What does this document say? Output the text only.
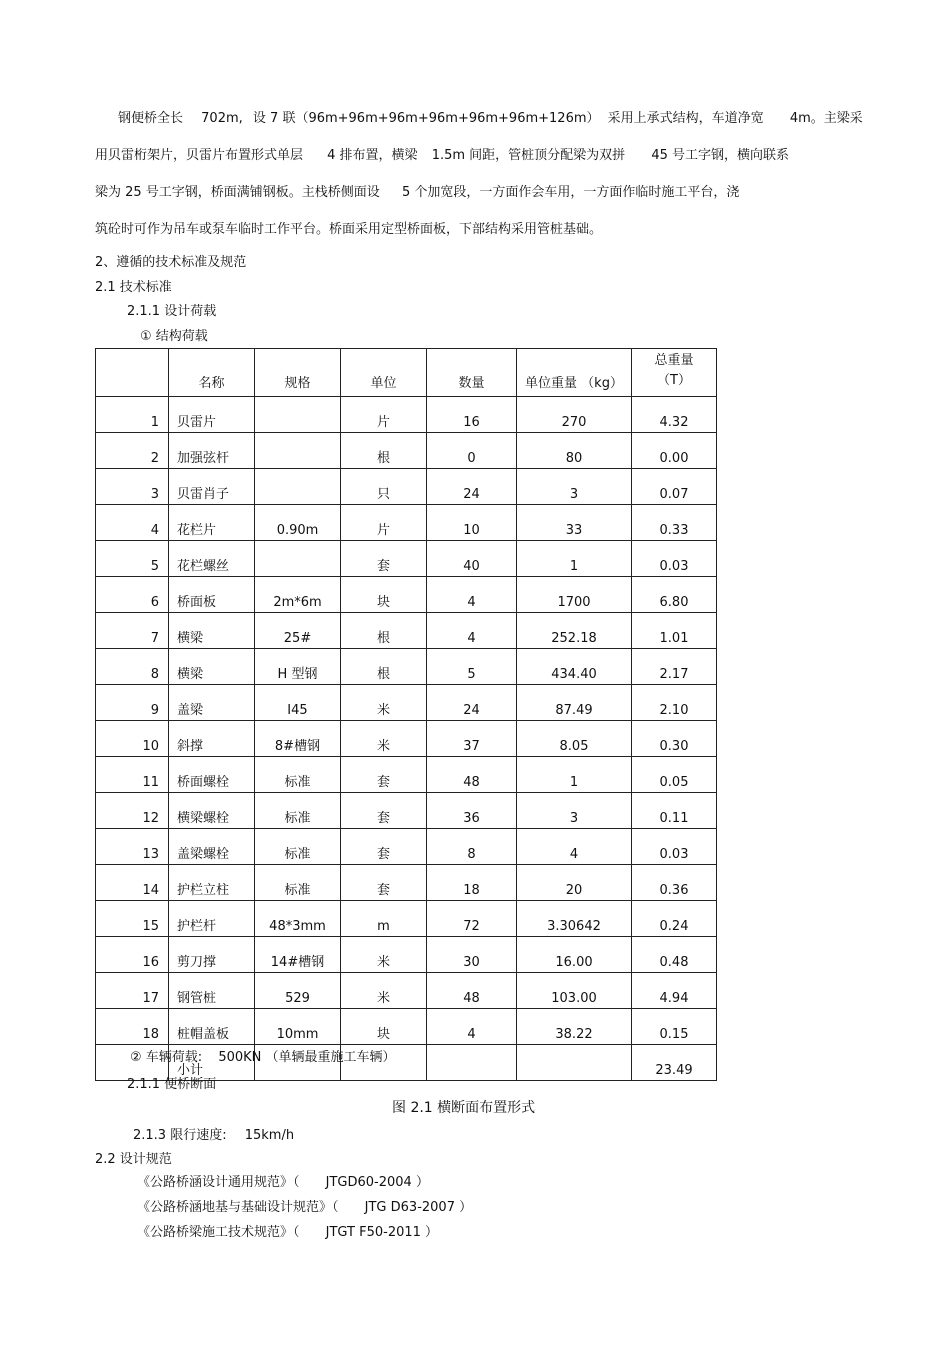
钢便桥全长 702m, 设 7 联（96m+96m+96m+96m+96m+96m+126m） 采用上承式结构，车道净宽 4m。主梁采
用贝雷桁架片，贝雷片布置形式单层 4 排布置，横梁 1.5m 间距，管桩顶分配梁为双拼 45 号工字钢，横向联系
梁为 25 号工字钢，桥面满铺钢板。主栈桥侧面设 5 个加宽段，一方面作会车用，一方面作临时施工平台，浇
筑砼时可作为吊车或泵车临时工作平台。桥面采用定型桥面板，下部结构采用管桩基础。
2、遵循的技术标准及规范
2.1 技术标准
2.1.1 设计荷载
① 结构荷载
	名称	规格	单位	数量	单位重量 （kg）	总重量
（T）

1	贝雷片		片	16	270	4.32
2	加强弦杆		根	0	80	0.00
3	贝雷肖子		只	24	3	0.07
4	花栏片	0.90m	片	10	33	0.33
5	花栏螺丝		套	40	1	0.03
6	桥面板	2m*6m	块	4	1700	6.80
7	横梁	25#	根	4	252.18	1.01
8	横梁	H 型钢	根	5	434.40	2.17
9	盖梁	I45	米	24	87.49	2.10
10	斜撑	8#槽钢	米	37	8.05	0.30
11	桥面螺栓	标准	套	48	1	0.05
12	横梁螺栓	标准	套	36	3	0.11
13	盖梁螺栓	标准	套	8	4	0.03
14	护栏立柱	标准	套	18	20	0.36
15	护栏杆	48*3mm	m	72	3.30642	0.24
16	剪刀撑	14#槽钢	米	30	16.00	0.48
17	钢管桩	529	米	48	103.00	4.94
18	桩帽盖板	10mm	块	4	38.22	0.15
	小计					23.49
② 车辆荷载: 500KN （单辆最重施工车辆）
2.1.1 便桥断面
图 2.1 横断面布置形式
2.1.3 限行速度: 15km/h
2.2 设计规范
《公路桥涵设计通用规范》（ JTGD60-2004 ）
《公路桥涵地基与基础设计规范》（ JTG D63-2007 ）
《公路桥梁施工技术规范》（ JTGT F50-2011 ）
